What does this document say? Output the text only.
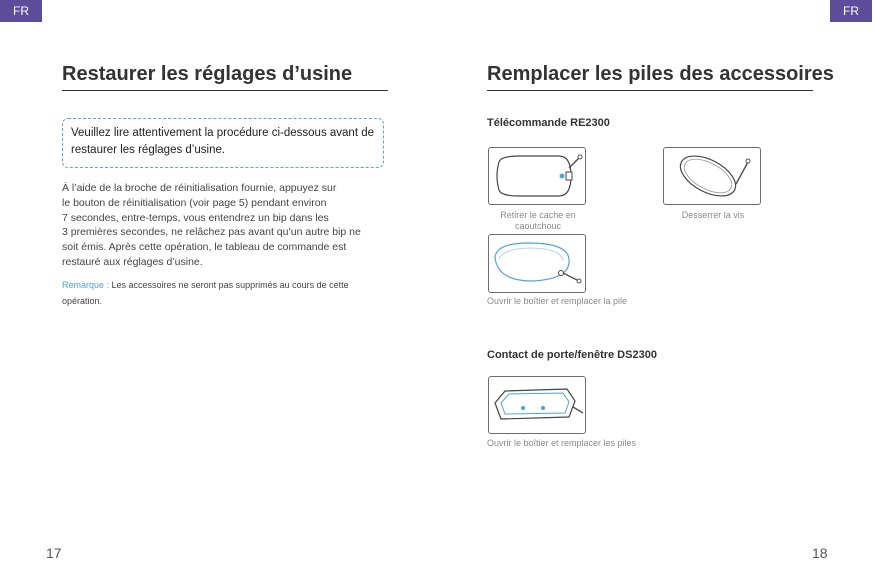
FR	FR
Restaurer les réglages d’usine
Veuillez lire attentivement la procédure ci-dessous avant de
restaurer les réglages d’usine.
À l’aide de la broche de réinitialisation fournie, appuyez sur
le bouton de réinitialisation (voir page 5) pendant environ
7 secondes, entre-temps, vous entendrez un bip dans les
3 premières secondes, ne relâchez pas avant qu’un autre bip ne
soit émis. Après cette opération, le tableau de commande est
restauré aux réglages d’usine.
Remarque : Les accessoires ne seront pas supprimés au cours de cette
opération.
17
Remplacer les piles des accessoires
Télécommande RE2300
Retirer le cache en
caoutchouc
Desserrer la vis
Ouvrir le boîtier et remplacer la pile
Contact de porte/fenêtre DS2300
Ouvrir le boîtier et remplacer les piles
18
